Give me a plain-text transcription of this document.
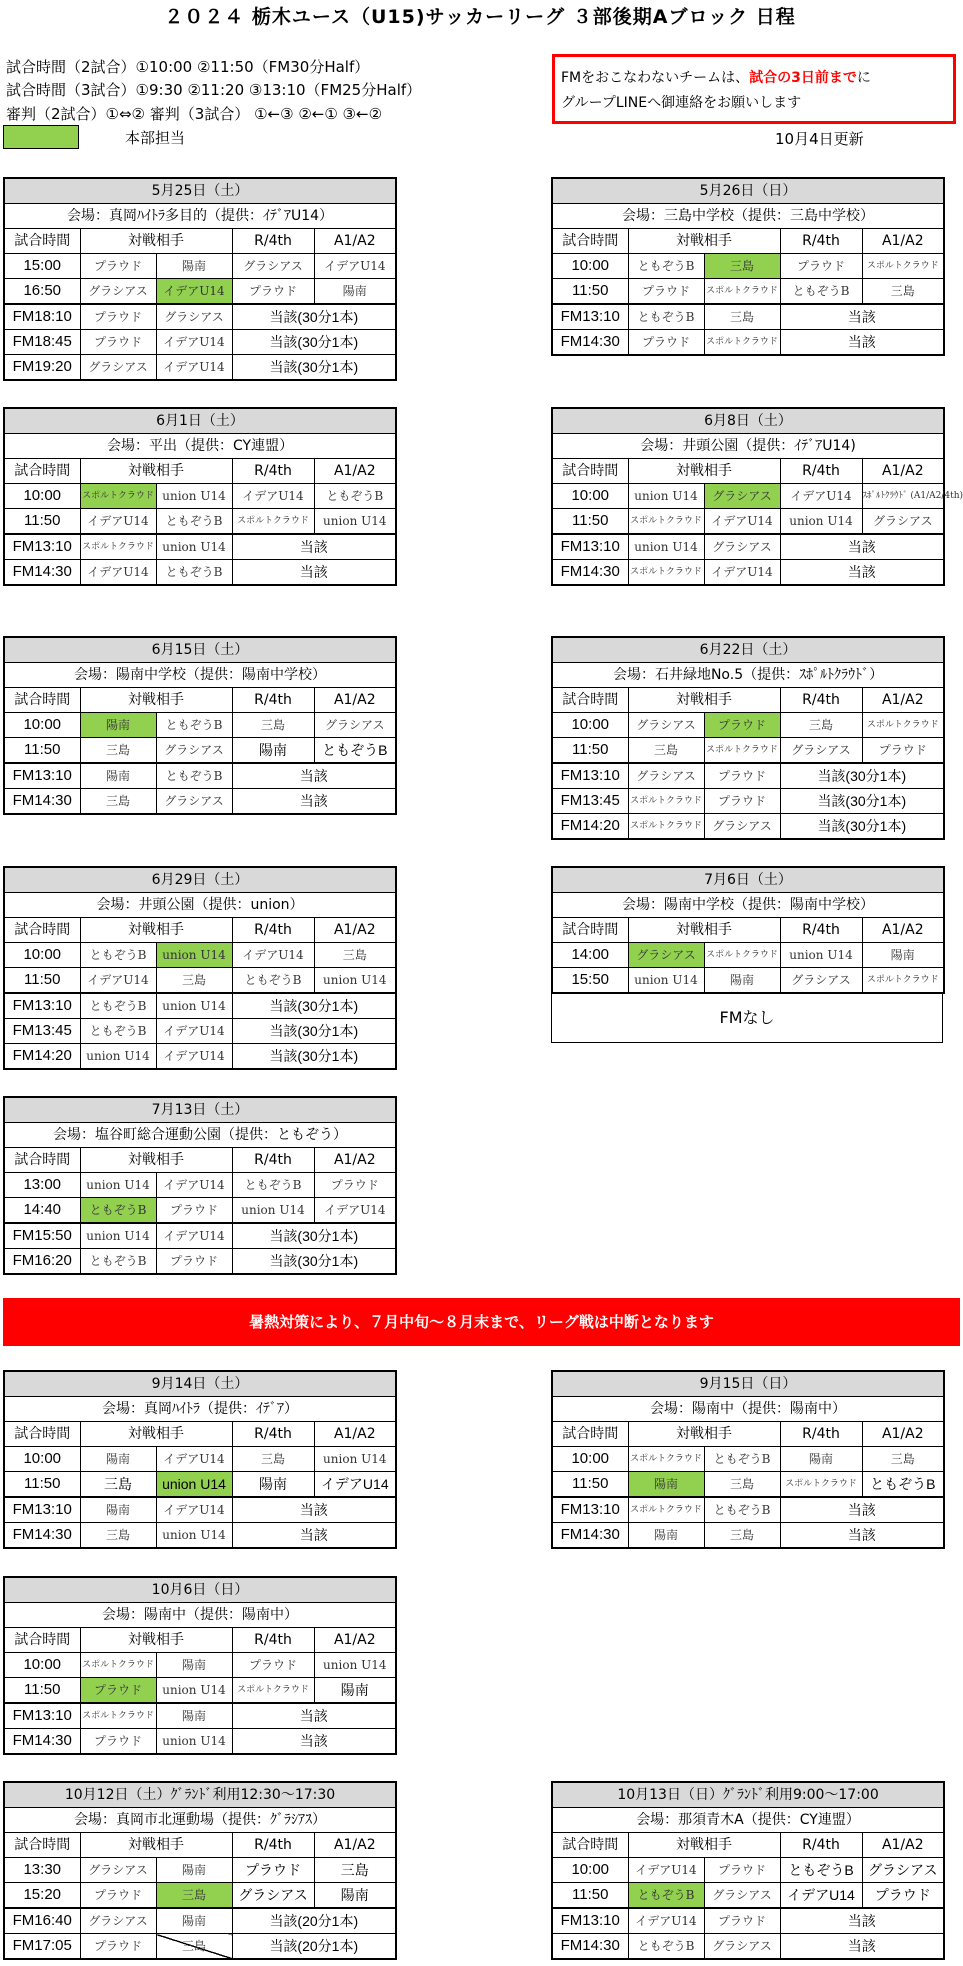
２０２４ 栃木ユース（U15)サッカーリーグ ３部後期Aブロック 日程
試合時間（2試合）①10:00 ②11:50（FM30分Half）
試合時間（3試合）①9:30 ②11:20 ③13:10（FM25分Half）
審判（2試合）①⇔② 審判（3試合） ①←③ ②←① ③←②
本部担当
FMをおこなわないチームは、試合の3日前までに
グループLINEへ御連絡をお願いします
10月4日更新
暑熱対策により、７月中旬～８月末まで、リーグ戦は中断となります
5月25日（土）				
会場：真岡ﾊｲﾄﾗ多目的（提供：ｲﾃﾞｱU14）				
試合時間	対戦相手		R/4th	A1/A2
15:00	プラウド	陽南	グラシアス	イデアU14
16:50	グラシアス	イデアU14	プラウド	陽南
FM18:10	プラウド	グラシアス	当該(30分1本)	
FM18:45	プラウド	イデアU14	当該(30分1本)	
FM19:20	グラシアス	イデアU14	当該(30分1本)	
5月26日（日）				
会場：三島中学校（提供：三島中学校）				
試合時間	対戦相手		R/4th	A1/A2
10:00	ともぞうB	三島	プラウド	スポルトクラウド
11:50	プラウド	スポルトクラウド	ともぞうB	三島
FM13:10	ともぞうB	三島	当該	
FM14:30	プラウド	スポルトクラウド	当該	
6月1日（土）				
会場：平出（提供：CY連盟）				
試合時間	対戦相手		R/4th	A1/A2
10:00	スポルトクラウド	union U14	イデアU14	ともぞうB
11:50	イデアU14	ともぞうB	スポルトクラウド	union U14
FM13:10	スポルトクラウド	union U14	当該	
FM14:30	イデアU14	ともぞうB	当該	
6月8日（土）				
会場：井頭公園（提供：ｲﾃﾞｱU14)				
試合時間	対戦相手		R/4th	A1/A2
10:00	union U14	グラシアス	イデアU14	ｽﾎﾟﾙﾄｸﾗｳﾄﾞ (A1/A2/4th)
11:50	スポルトクラウド	イデアU14	union U14	グラシアス
FM13:10	union U14	グラシアス	当該	
FM14:30	スポルトクラウド	イデアU14	当該	
6月15日（土）				
会場：陽南中学校（提供：陽南中学校）				
試合時間	対戦相手		R/4th	A1/A2
10:00	陽南	ともぞうB	三島	グラシアス
11:50	三島	グラシアス	陽南	ともぞうB
FM13:10	陽南	ともぞうB	当該	
FM14:30	三島	グラシアス	当該	
6月22日（土）				
会場：石井緑地No.5（提供：ｽﾎﾟﾙﾄｸﾗｳﾄﾞ）				
試合時間	対戦相手		R/4th	A1/A2
10:00	グラシアス	プラウド	三島	スポルトクラウド
11:50	三島	スポルトクラウド	グラシアス	プラウド
FM13:10	グラシアス	プラウド	当該(30分1本)	
FM13:45	スポルトクラウド	プラウド	当該(30分1本)	
FM14:20	スポルトクラウド	グラシアス	当該(30分1本)	
6月29日（土）				
会場：井頭公園（提供：union）				
試合時間	対戦相手		R/4th	A1/A2
10:00	ともぞうB	union U14	イデアU14	三島
11:50	イデアU14	三島	ともぞうB	union U14
FM13:10	ともぞうB	union U14	当該(30分1本)	
FM13:45	ともぞうB	イデアU14	当該(30分1本)	
FM14:20	union U14	イデアU14	当該(30分1本)	
7月6日（土）				
会場：陽南中学校（提供：陽南中学校）				
試合時間	対戦相手		R/4th	A1/A2
14:00	グラシアス	スポルトクラウド	union U14	陽南
15:50	union U14	陽南	グラシアス	スポルトクラウド
FMなし
7月13日（土）				
会場：塩谷町総合運動公園（提供：ともぞう）				
試合時間	対戦相手		R/4th	A1/A2
13:00	union U14	イデアU14	ともぞうB	プラウド
14:40	ともぞうB	プラウド	union U14	イデアU14
FM15:50	union U14	イデアU14	当該(30分1本)	
FM16:20	ともぞうB	プラウド	当該(30分1本)	
9月14日（土）				
会場：真岡ﾊｲﾄﾗ（提供：ｲﾃﾞｱ）				
試合時間	対戦相手		R/4th	A1/A2
10:00	陽南	イデアU14	三島	union U14
11:50	三島	union U14	陽南	イデアU14
FM13:10	陽南	イデアU14	当該	
FM14:30	三島	union U14	当該	
9月15日（日）				
会場：陽南中（提供：陽南中）				
試合時間	対戦相手		R/4th	A1/A2
10:00	スポルトクラウド	ともぞうB	陽南	三島
11:50	陽南	三島	スポルトクラウド	ともぞうB
FM13:10	スポルトクラウド	ともぞうB	当該	
FM14:30	陽南	三島	当該	
10月6日（日）				
会場：陽南中（提供：陽南中）				
試合時間	対戦相手		R/4th	A1/A2
10:00	スポルトクラウド	陽南	プラウド	union U14
11:50	プラウド	union U14	スポルトクラウド	陽南
FM13:10	スポルトクラウド	陽南	当該	
FM14:30	プラウド	union U14	当該	
10月12日（土）ｸﾞﾗﾝﾄﾞ利用12:30～17:30				
会場：真岡市北運動場（提供：ｸﾞﾗｼｱｽ）				
試合時間	対戦相手		R/4th	A1/A2
13:30	グラシアス	陽南	プラウド	三島
15:20	プラウド	三島	グラシアス	陽南
FM16:40	グラシアス	陽南	当該(20分1本)	
FM17:05	プラウド	三島	当該(20分1本)	
10月13日（日）ｸﾞﾗﾝﾄﾞ利用9:00～17:00				
会場：那須青木A（提供：CY連盟）				
試合時間	対戦相手		R/4th	A1/A2
10:00	イデアU14	プラウド	ともぞうB	グラシアス
11:50	ともぞうB	グラシアス	イデアU14	プラウド
FM13:10	イデアU14	プラウド	当該	
FM14:30	ともぞうB	グラシアス	当該	
